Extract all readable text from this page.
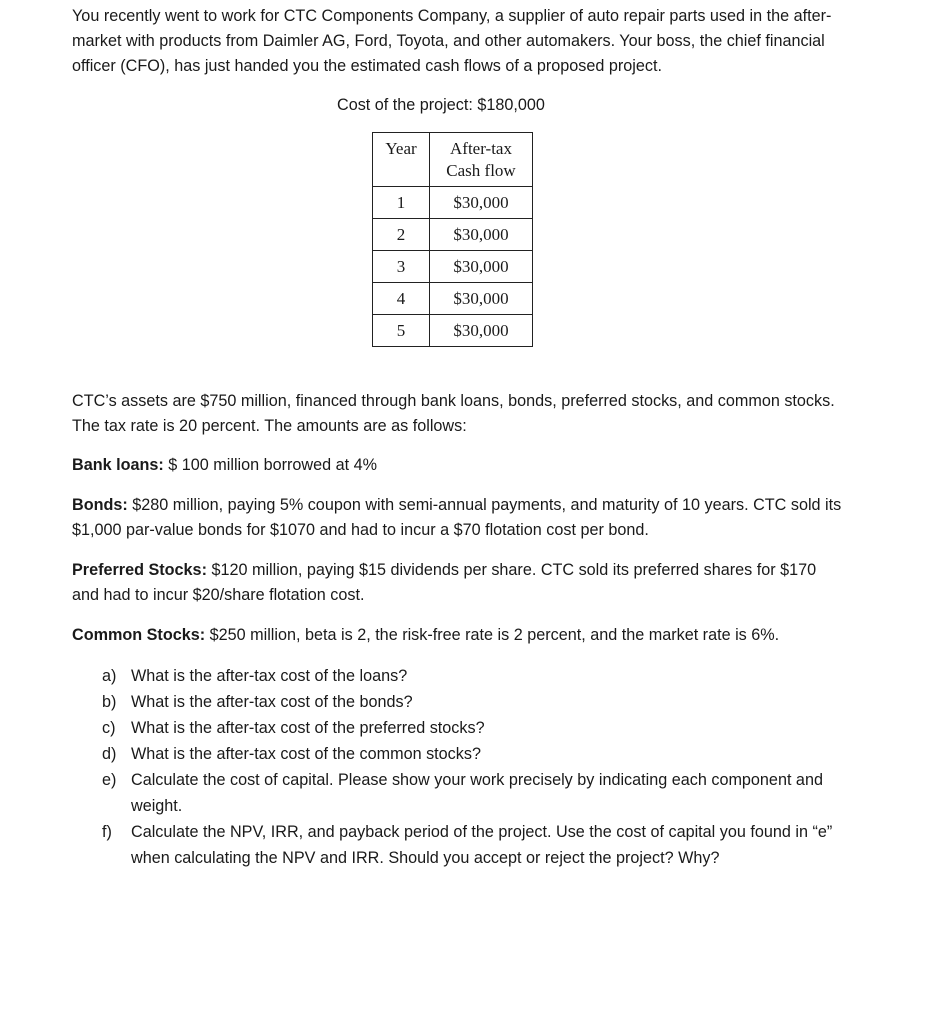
You recently went to work for CTC Components Company, a supplier of auto repair parts used in the after-market with products from Daimler AG, Ford, Toyota, and other automakers. Your boss, the chief financial officer (CFO), has just handed you the estimated cash flows of a proposed project.

Cost of the project: $180,000

Year	After-tax
Cash flow
1	$30,000
2	$30,000
3	$30,000
4	$30,000
5	$30,000

CTC’s assets are $750 million, financed through bank loans, bonds, preferred stocks, and common stocks. The tax rate is 20 percent. The amounts are as follows:

Bank loans: $ 100 million borrowed at 4%

Bonds: $280 million, paying 5% coupon with semi-annual payments, and maturity of 10 years. CTC sold its $1,000 par-value bonds for $1070 and had to incur a $70 flotation cost per bond.

Preferred Stocks: $120 million, paying $15 dividends per share. CTC sold its preferred shares for $170 and had to incur $20/share flotation cost.

Common Stocks: $250 million, beta is 2, the risk-free rate is 2 percent, and the market rate is 6%.

a) What is the after-tax cost of the loans?
b) What is the after-tax cost of the bonds?
c) What is the after-tax cost of the preferred stocks?
d) What is the after-tax cost of the common stocks?
e) Calculate the cost of capital. Please show your work precisely by indicating each component and weight.
f) Calculate the NPV, IRR, and payback period of the project. Use the cost of capital you found in “e” when calculating the NPV and IRR. Should you accept or reject the project? Why?
